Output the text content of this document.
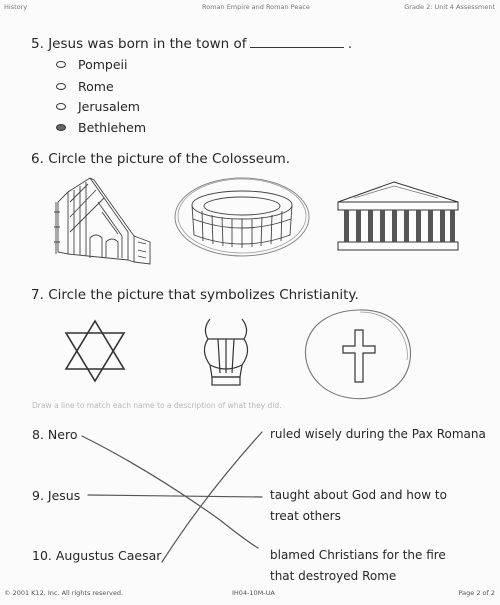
History	Roman Empire and Roman Peace	Grade 2: Unit 4 Assessment
5. Jesus was born in the town of	.
Pompeii
Rome
Jerusalem
Bethlehem
6. Circle the picture of the Colosseum.
7. Circle the picture that symbolizes Christianity.
Draw a line to match each name to a description of what they did.
8. Nero
9. Jesus
10. Augustus Caesar
ruled wisely during the Pax Romana
taught about God and how to
treat others
blamed Christians for the fire
that destroyed Rome
© 2001 K12, Inc. All rights reserved.	IH04-10M-UA	Page 2 of 2
